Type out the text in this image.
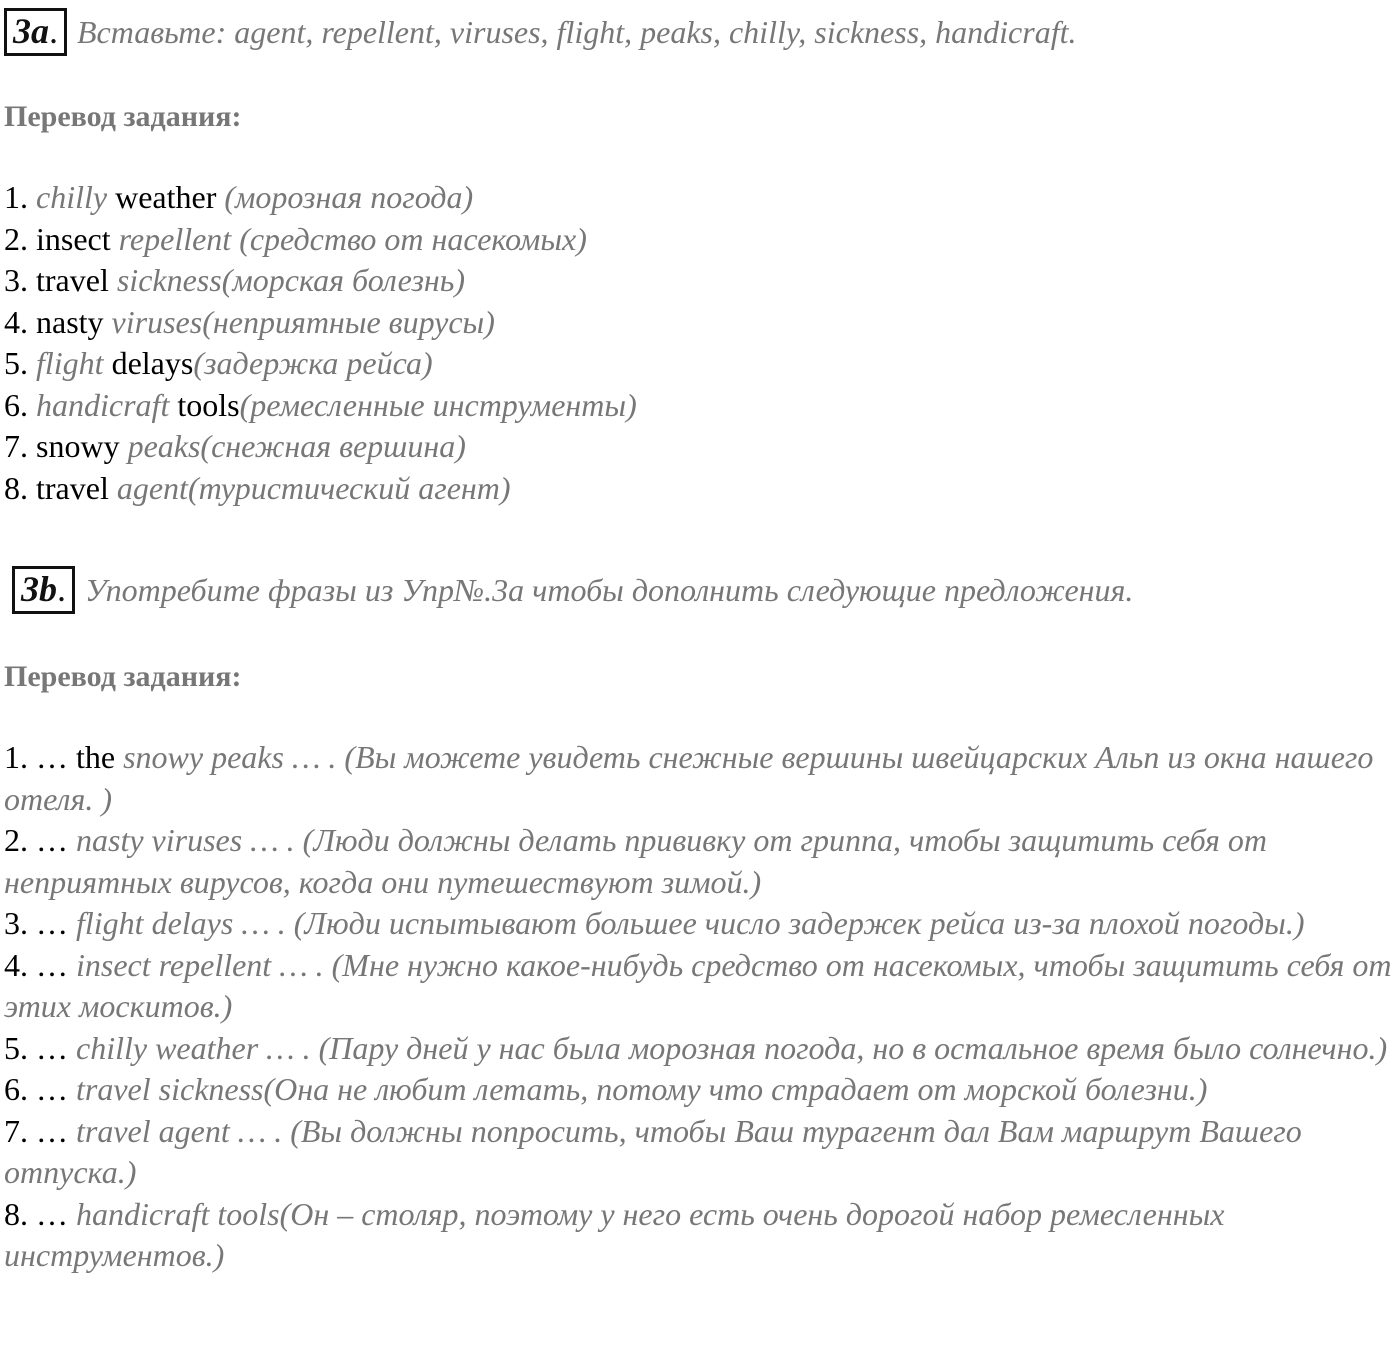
3a . Вставьте: agent, repellent, viruses, flight, peaks, chilly, sickness, handicraft.
Перевод задания:
1. chilly weather (морозная погода)
2. insect repellent (средство от насекомых)
3. travel sickness(морская болезнь)
4. nasty viruses(неприятные вирусы)
5. flight delays(задержка рейса)
6. handicraft tools(ремесленные инструменты)
7. snowy peaks(снежная вершина)
8. travel agent(туристический агент)
3b . Употребите фразы из Упр№.3а чтобы дополнить следующие предложения.
Перевод задания:
1. … the snowy peaks … . (Вы можете увидеть снежные вершины швейцарских Альп из окна нашего отеля. )
2. … nasty viruses … . (Люди должны делать прививку от гриппа, чтобы защитить себя от неприятных вирусов, когда они путешествуют зимой.)
3. … flight delays … . (Люди испытывают большее число задержек рейса из-за плохой погоды.)
4. … insect repellent … . (Мне нужно какое-нибудь средство от насекомых, чтобы защитить себя от этих москитов.)
5. … chilly weather … . (Пару дней у нас была морозная погода, но в остальное время было солнечно.)
6. … travel sickness(Она не любит летать, потому что страдает от морской болезни.)
7. … travel agent … . (Вы должны попросить, чтобы Ваш турагент дал Вам маршрут Вашего отпуска.)
8. … handicraft tools(Он – столяр, поэтому у него есть очень дорогой набор ремесленных инструментов.)
